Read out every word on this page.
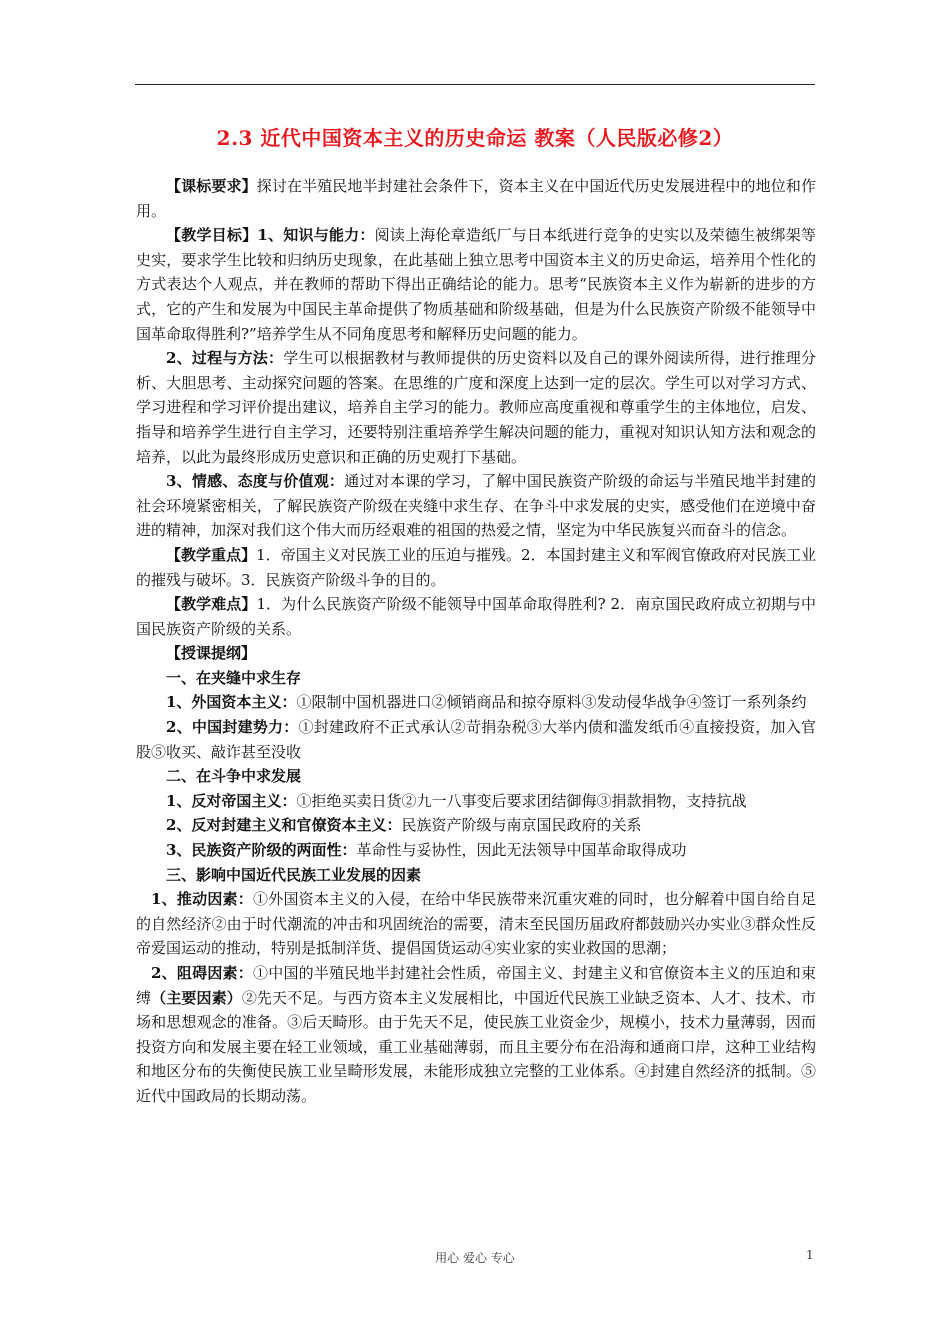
2.3 近代中国资本主义的历史命运 教案（人民版必修2）

【课标要求】探讨在半殖民地半封建社会条件下，资本主义在中国近代历史发展进程中的地位和作用。

【教学目标】1、知识与能力：阅读上海伦章造纸厂与日本纸进行竞争的史实以及荣德生被绑架等史实，要求学生比较和归纳历史现象，在此基础上独立思考中国资本主义的历史命运，培养用个性化的方式表达个人观点，并在教师的帮助下得出正确结论的能力。思考“民族资本主义作为崭新的进步的方式，它的产生和发展为中国民主革命提供了物质基础和阶级基础，但是为什么民族资产阶级不能领导中国革命取得胜利?”培养学生从不同角度思考和解释历史问题的能力。

2、过程与方法：学生可以根据教材与教师提供的历史资料以及自己的课外阅读所得，进行推理分析、大胆思考、主动探究问题的答案。在思维的广度和深度上达到一定的层次。学生可以对学习方式、学习进程和学习评价提出建议，培养自主学习的能力。教师应高度重视和尊重学生的主体地位，启发、指导和培养学生进行自主学习，还要特别注重培养学生解决问题的能力，重视对知识认知方法和观念的培养，以此为最终形成历史意识和正确的历史观打下基础。

3、情感、态度与价值观：通过对本课的学习，了解中国民族资产阶级的命运与半殖民地半封建的社会环境紧密相关，了解民族资产阶级在夹缝中求生存、在争斗中求发展的史实，感受他们在逆境中奋进的精神，加深对我们这个伟大而历经艰难的祖国的热爱之情，坚定为中华民族复兴而奋斗的信念。

【教学重点】1．帝国主义对民族工业的压迫与摧残。2．本国封建主义和军阀官僚政府对民族工业的摧残与破坏。3．民族资产阶级斗争的目的。

【教学难点】1．为什么民族资产阶级不能领导中国革命取得胜利? 2．南京国民政府成立初期与中国民族资产阶级的关系。

【授课提纲】

一、在夹缝中求生存

1、外国资本主义：①限制中国机器进口②倾销商品和掠夺原料③发动侵华战争④签订一系列条约

2、中国封建势力：①封建政府不正式承认②苛捐杂税③大举内债和滥发纸币④直接投资，加入官股⑤收买、敲诈甚至没收

二、在斗争中求发展

1、反对帝国主义：①拒绝买卖日货②九一八事变后要求团结御侮③捐款捐物，支持抗战

2、反对封建主义和官僚资本主义：民族资产阶级与南京国民政府的关系

3、民族资产阶级的两面性：革命性与妥协性，因此无法领导中国革命取得成功

三、影响中国近代民族工业发展的因素

1、推动因素：①外国资本主义的入侵，在给中华民族带来沉重灾难的同时，也分解着中国自给自足的自然经济②由于时代潮流的冲击和巩固统治的需要，清末至民国历届政府都鼓励兴办实业③群众性反帝爱国运动的推动，特别是抵制洋货、提倡国货运动④实业家的实业救国的思潮；

2、阻碍因素：①中国的半殖民地半封建社会性质，帝国主义、封建主义和官僚资本主义的压迫和束缚（主要因素）②先天不足。与西方资本主义发展相比，中国近代民族工业缺乏资本、人才、技术、市场和思想观念的准备。③后天畸形。由于先天不足，使民族工业资金少，规模小，技术力量薄弱，因而投资方向和发展主要在轻工业领域，重工业基础薄弱，而且主要分布在沿海和通商口岸，这种工业结构和地区分布的失衡使民族工业呈畸形发展，未能形成独立完整的工业体系。④封建自然经济的抵制。⑤近代中国政局的长期动荡。

用心 爱心 专心	1
